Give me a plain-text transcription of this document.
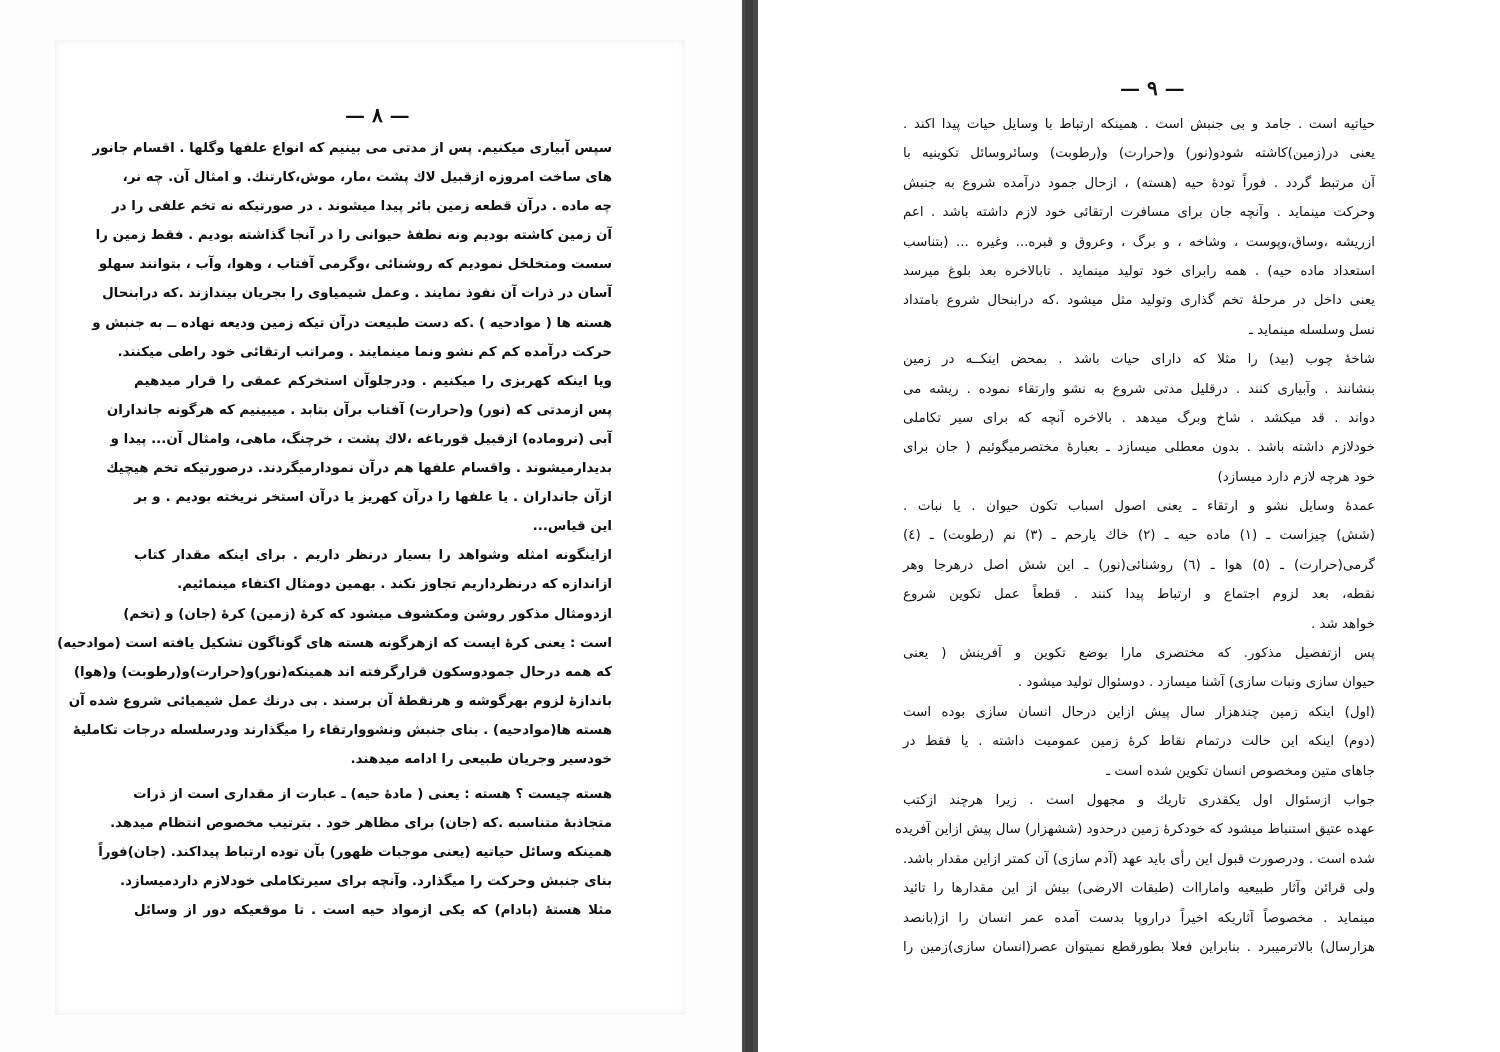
— ٨ —
سپس آبیاری میکنیم. پس از مدتی می بینیم که انواع علفها وگلها . اقسام جانور
های ساخت امروزه ازقبیل لاك پشت ،مار، موش،کارتنك. و امثال آن. چه نر،
چه ماده . درآن قطعه زمین بائر پیدا میشوند . در صورتیکه نه تخم علفی را در
آن زمین کاشته بودیم ونه نطفهٔ حیوانی را در آنجا گذاشته بودیم . فقط زمین را
سست ومتخلخل نمودیم که روشنائی ،وگرمی آفتاب ، وهوا، وآب ، بتوانند سهلو
آسان در ذرات آن نفوذ نمایند . وعمل شیمیاوی را بجریان بیندازند .که درابنحال
هسته ها ( موادحیه ) .که دست طبیعت درآن تیکه زمین ودیعه نهاده ــ به جنبش و
حرکت درآمده کم کم نشو ونما مینمایند . ومراتب ارتقائی خود راطی میکنند.
ویا اینکه کهربزی را میکنیم . ودرجلوآن استخرکم عمقی را قرار میدهیم
پس ازمدتی که (نور) و(حرارت) آفتاب برآن بتابد . میبینیم که هرگونه جانداران
آبی (نروماده) ازقبیل قورباغه ،لاك پشت ، خرچنگ، ماهی، وامثال آن... پیدا و
بدیدارمیشوند . واقسام علفها هم درآن نمودارمیگردند. درصورتیکه تخم هیچیك
ازآن جانداران . یا علفها را درآن کهریز یا درآن استخر نریخته بودیم . و بر
این قیاس...
ازاینگونه امثله وشواهد را بسیار درنظر داریم . برای اینکه مقدار کتاب
ازاندازه که درنظرداریم تجاوز نکند . بهمین دومثال اکتفاء مینمائیم.
ازدومثال مذکور روشن ومکشوف میشود که کرهٔ (زمین) کرهٔ (جان) و (تخم)
است : یعنی کرهٔ ایست که ازهرگونه هسته های گوناگون تشکیل یافته است (موادحیه)
که همه درحال جمودوسکون قرارگرفته اند همینکه(نور)و(حرارت)و(رطوبت) و(هوا)
باندازهٔ لزوم بهرگوشه و هرنقطهٔ آن برسند . بی درنك عمل شیمیائی شروع شده آن
هسته ها(موادحیه) . بنای جنبش ونشووارتقاء را میگذارند ودرسلسله درجات تکاملیهٔ
خودسیر وجریان طبیعی را ادامه میدهند.
هسته چیست ؟ هسته : یعنی ( مادهٔ حیه) ـ عبارت از مقداری است از ذرات
متجاذبهٔ متناسبه .که (جان) برای مظاهر خود . بترتیب مخصوص انتظام میدهد.
همینکه وسائل حیاتیه (یعنی موجبات ظهور) بآن توده ارتباط پیداکند. (جان)فوراً
بنای جنبش وحرکت را میگذارد. وآنچه برای سیرتکاملی خودلازم داردمیسازد.
مثلا هستهٔ (بادام) که یکی ازمواد حیه است . تا موقعیکه دور از وسائل
— ٩ —
حیاتیه است . جامد و بی جنبش است . همینکه ارتباط با وسایل حیات پیدا اکند .
یعنی در(زمین)کاشته شودو(نور) و(حرارت) و(رطوبت) وسائروسائل تکوینیه با
آن مرتبط گردد . فوراً تودهٔ حیه (هسته) ، ازحال جمود درآمده شروع به جنبش
وحرکت مینماید . وآنچه جان برای مسافرت ارتقائی خود لازم داشته باشد . اعم
ازریشه ،وساق،وپوست ، وشاخه ، و برگ ، وعروق و قبره... وغیره ... (بتناسب
استعداد ماده حیه) . همه رابرای خود تولید مینماید . تابالاخره بعد بلوغ میرسد
یعنی داخل در مرحلهٔ تخم گذاری وتولید مثل میشود .که درابنحال شروع بامتداد
نسل وسلسله مینماید ـ
شاخهٔ چوب (بید) را مثلا که دارای حیات باشد . بمحض اینکــه در زمین
بنشانند . وآبیاری کنند . درقلیل مدتی شروع به نشو وارتقاء نموده . ریشه می
دواند . قد میکشد . شاخ وبرگ میدهد . بالاخره آنچه که برای سیر تکاملی
خودلازم داشته باشد . بدون معطلی میسازد ـ بعبارهٔ مختصرمیگوئیم ( جان برای
خود هرچه لازم دارد میسازد)
عمدهٔ وسایل نشو و ارتقاء ـ یعنی اصول اسباب تکون حیوان . یا نبات .
(شش) چیزاست ـ (١) ماده حیه ـ (٢) خاك یارحم ـ (٣) نم (رطوبت) ـ (٤)
گرمی(حرارت) ـ (٥) هوا ـ (٦) روشنائی(نور) ـ این شش اصل درهرجا وهر
نقطه، بعد لزوم اجتماع و ارتباط پیدا کنند . قطعاً عمل تکوین شروع
خواهد شد .
پس ازتفصیل مذکور. که مختصری مارا بوضع تکوین و آفرینش ( یعنی
حیوان سازی ونبات سازی) آشنا میسازد . دوسئوال تولید میشود .
(اول) اینکه زمین چندهزار سال پیش ازاین درحال انسان سازی بوده است
(دوم) اینکه این حالت درتمام نقاط کرهٔ زمین عمومیت داشته . یا فقط در
جاهای متین ومخصوص انسان تکوین شده است ـ
جواب ازسئوال اول یکقدری تاریك و مجهول است . زیرا هرچند ازکتب
عهده عتیق استنباط میشود که خودکرهٔ زمین درحدود (ششهزار) سال پیش ازاین آفریده
شده است . ودرصورت قبول این رأی باید عهد (آدم سازی) آن کمتر ازاین مقدار باشد.
ولی قرائن وآثار طبیعیه واماراات (طبقات الارضی) بیش از این مقدارها را تائید
مینماید . مخصوصاً آثاریکه اخیراً دراروپا بدست آمده عمر انسان را از(بانصد
هزارسال) بالاترمیبرد . بنابراین فعلا بطورقطع نمیتوان عصر(انسان سازی)زمین را
